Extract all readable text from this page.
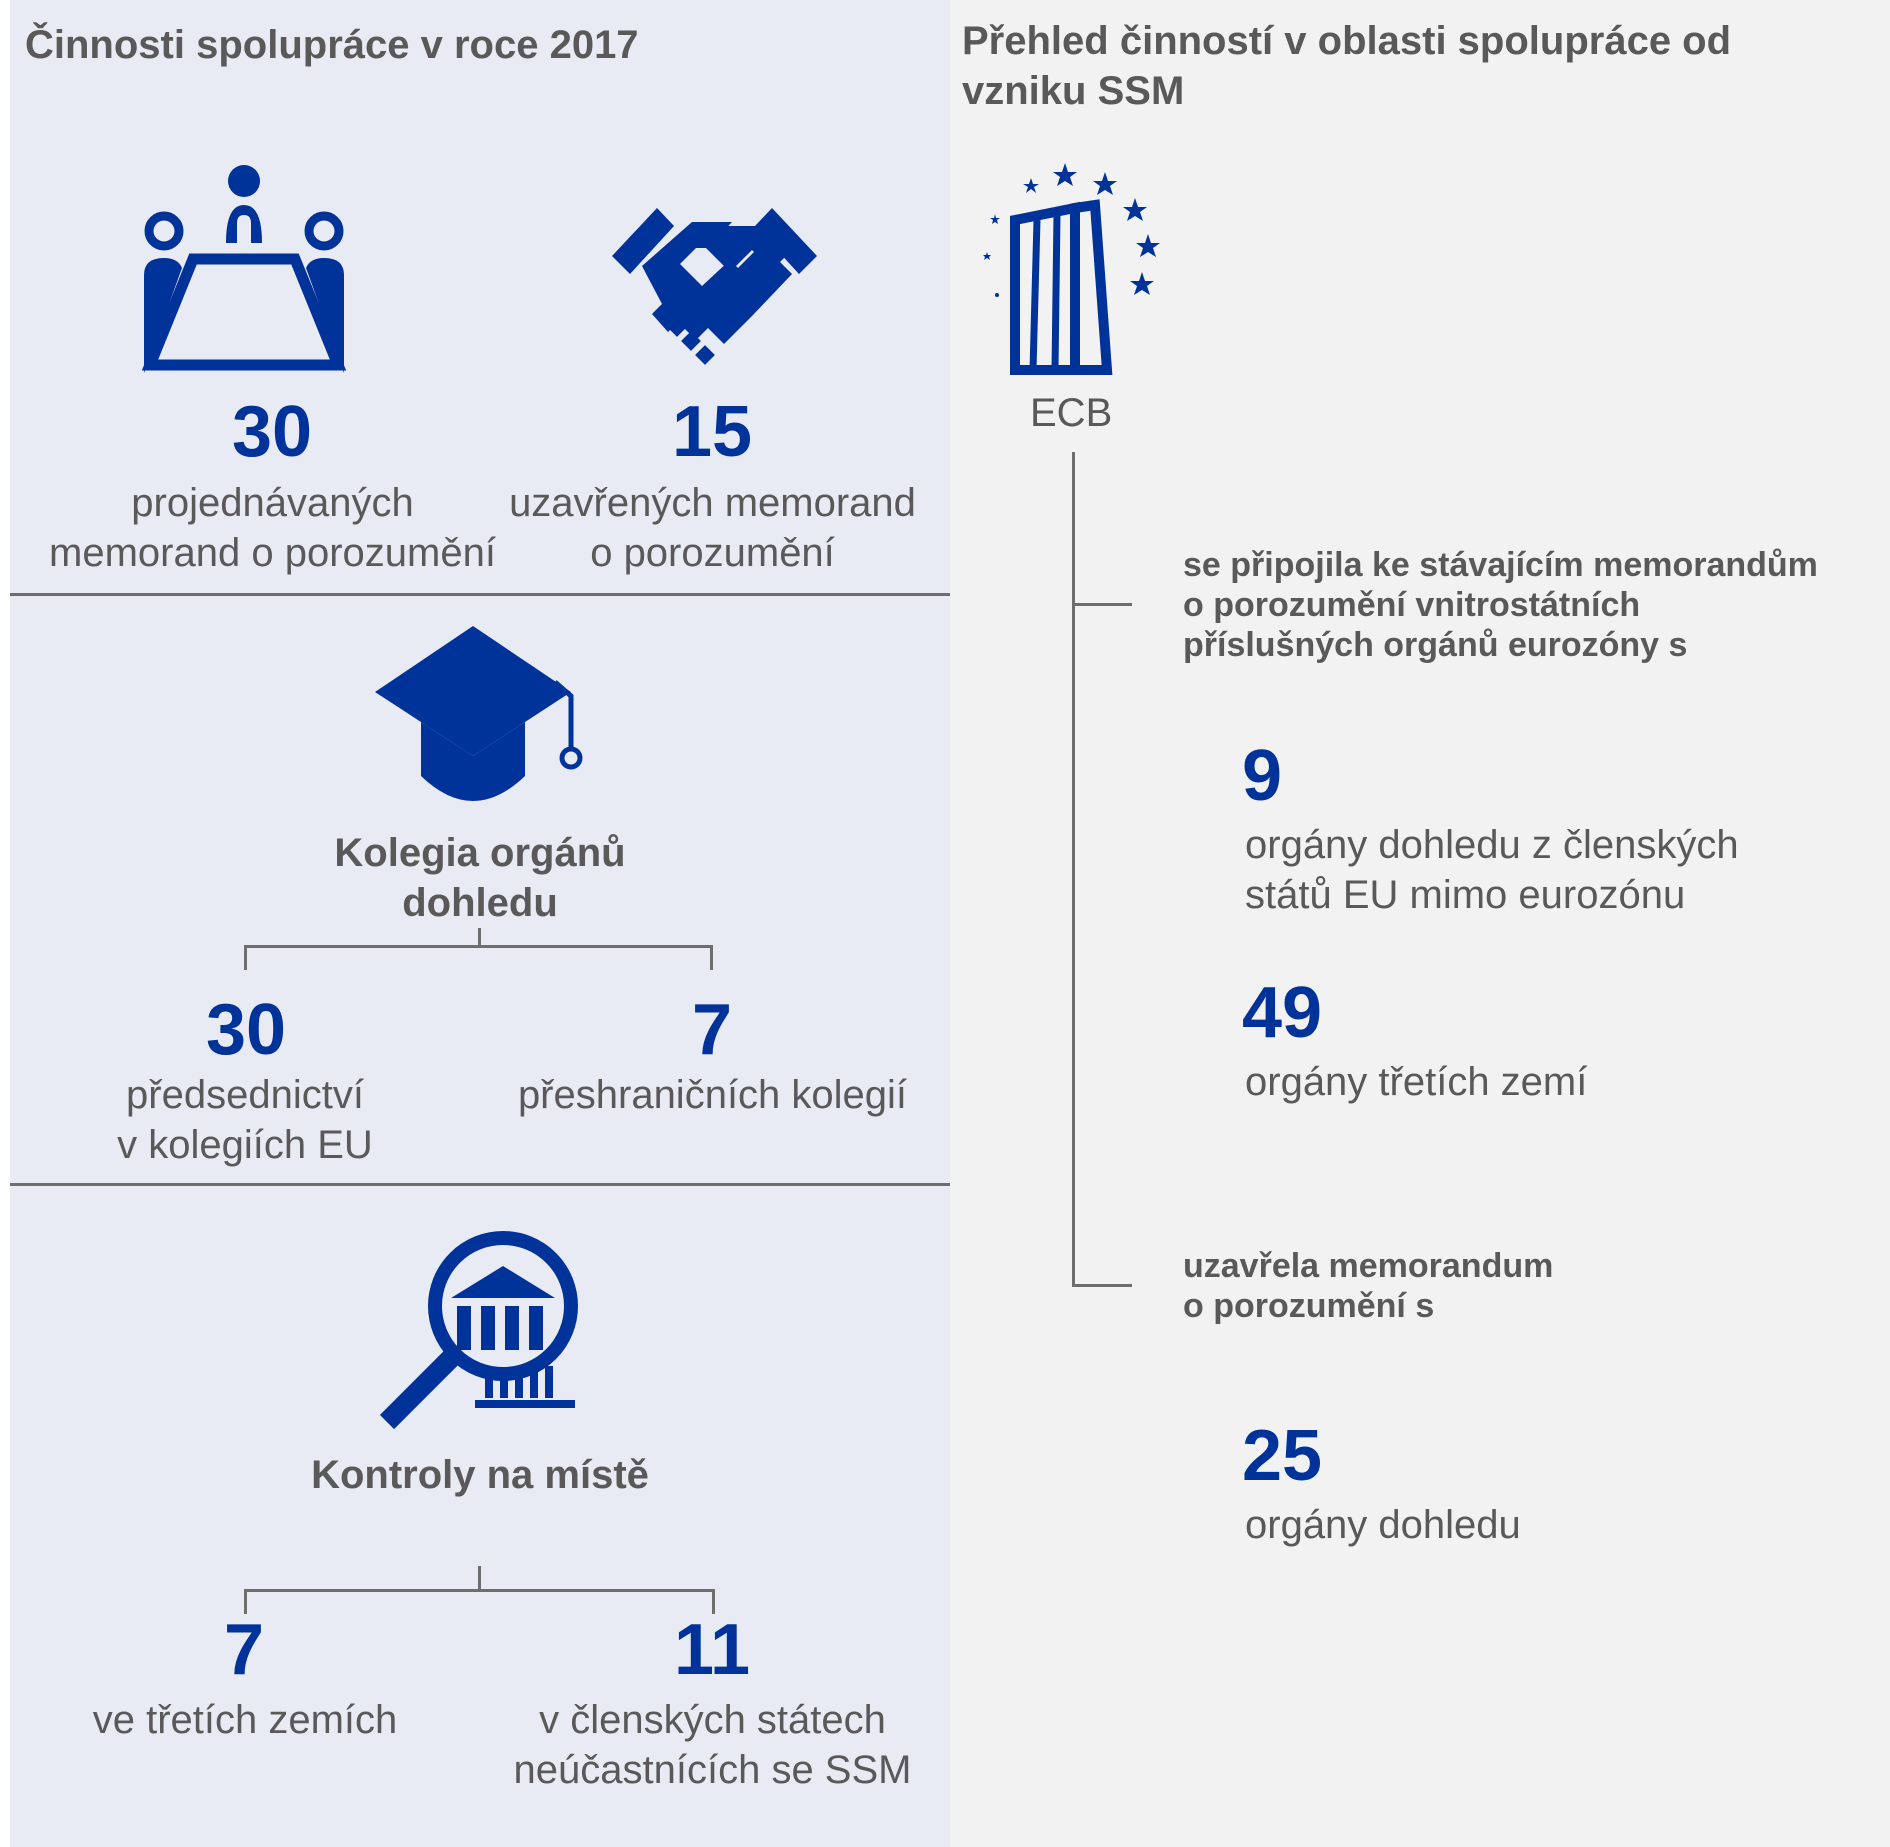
Činnosti spolupráce v roce 2017
30
projednávaných
memorand o porozumění
15
uzavřených memorand
o porozumění
Kolegia orgánů
dohledu
30
předsednictví
v kolegiích EU
7
přeshraničních kolegií
Kontroly na místě
7
ve třetích zemích
11
v členských státech
neúčastnících se SSM
Přehled činností v oblasti spolupráce od
vzniku SSM
ECB
se připojila ke stávajícím memorandům
o porozumění vnitrostátních
příslušných orgánů eurozóny s
9
orgány dohledu z členských
států EU mimo eurozónu
49
orgány třetích zemí
uzavřela memorandum
o porozumění s
25
orgány dohledu
